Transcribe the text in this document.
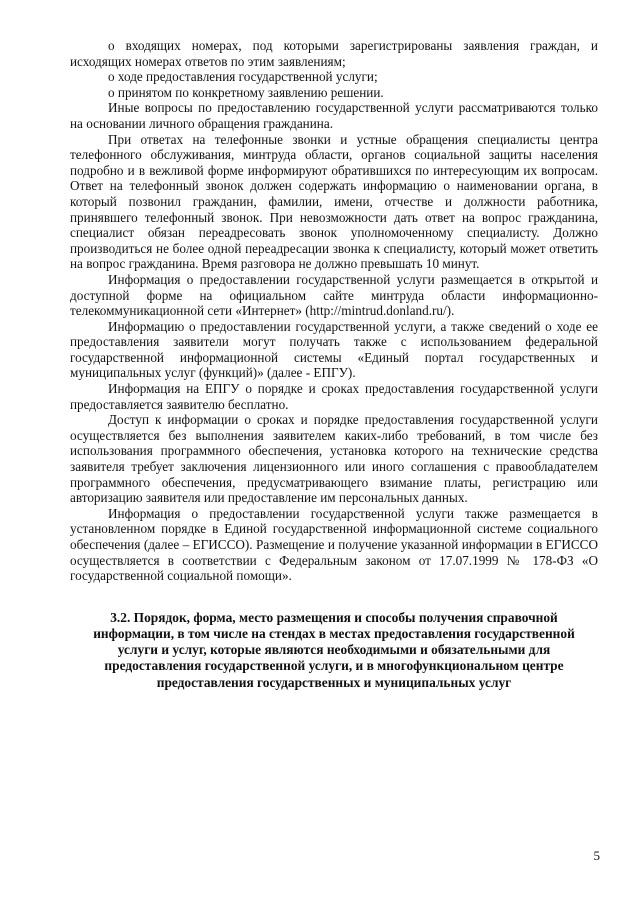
о входящих номерах, под которыми зарегистрированы заявления граждан, и исходящих номерах ответов по этим заявлениям;

о ходе предоставления государственной услуги;

о принятом по конкретному заявлению решении.

Иные вопросы по предоставлению государственной услуги рассматриваются только на основании личного обращения гражданина.

При ответах на телефонные звонки и устные обращения специалисты центра телефонного обслуживания, минтруда области, органов социальной защиты населения подробно и в вежливой форме информируют обратившихся по интересующим их вопросам. Ответ на телефонный звонок должен содержать информацию о наименовании органа, в который позвонил гражданин, фамилии, имени, отчестве и должности работника, принявшего телефонный звонок. При невозможности дать ответ на вопрос гражданина, специалист обязан переадресовать звонок уполномоченному специалисту. Должно производиться не более одной переадресации звонка к специалисту, который может ответить на вопрос гражданина. Время разговора не должно превышать 10 минут.

Информация о предоставлении государственной услуги размещается в открытой и доступной форме на официальном сайте минтруда области информационно-телекоммуникационной сети «Интернет» (http://mintrud.donland.ru/).

Информацию о предоставлении государственной услуги, а также сведений о ходе ее предоставления заявители могут получать также с использованием федеральной государственной информационной системы «Единый портал государственных и муниципальных услуг (функций)» (далее - ЕПГУ).

Информация на ЕПГУ о порядке и сроках предоставления государственной услуги предоставляется заявителю бесплатно.

Доступ к информации о сроках и порядке предоставления государственной услуги осуществляется без выполнения заявителем каких-либо требований, в том числе без использования программного обеспечения, установка которого на технические средства заявителя требует заключения лицензионного или иного соглашения с правообладателем программного обеспечения, предусматривающего взимание платы, регистрацию или авторизацию заявителя или предоставление им персональных данных.

Информация о предоставлении государственной услуги также размещается в установленном порядке в Единой государственной информационной системе социального обеспечения (далее – ЕГИССО). Размещение и получение указанной информации в ЕГИССО осуществляется в соответствии с Федеральным законом от 17.07.1999 № 178-ФЗ «О государственной социальной помощи».

3.2. Порядок, форма, место размещения и способы получения справочной информации, в том числе на стендах в местах предоставления государственной услуги и услуг, которые являются необходимыми и обязательными для предоставления государственной услуги, и в многофункциональном центре предоставления государственных и муниципальных услуг

5
